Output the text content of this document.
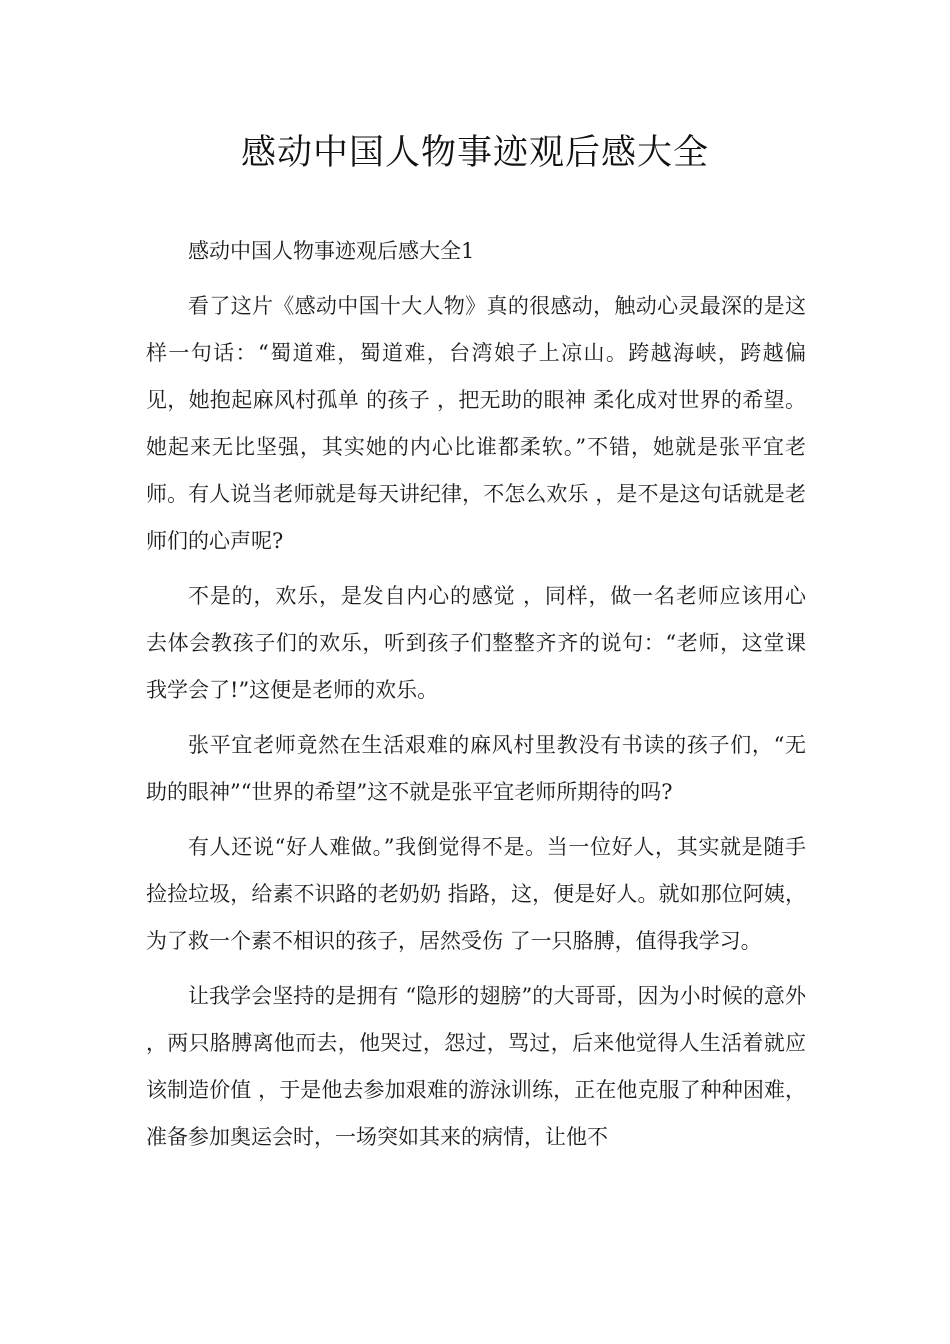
感动中国人物事迹观后感大全

感动中国人物事迹观后感大全1

看了这片《感动中国十大人物》真的很感动，触动心灵最深的是这样一句话：“蜀道难，蜀道难，台湾娘子上凉山。跨越海峡，跨越偏见，她抱起麻风村孤单 的孩子 ，把无助的眼神 柔化成对世界的希望。她起来无比坚强，其实她的内心比谁都柔软。”不错，她就是张平宜老师。有人说当老师就是每天讲纪律，不怎么欢乐 ，是不是这句话就是老师们的心声呢?

不是的，欢乐，是发自内心的感觉 ，同样，做一名老师应该用心 去体会教孩子们的欢乐，听到孩子们整整齐齐的说句：“老师，这堂课我学会了!”这便是老师的欢乐。

张平宜老师竟然在生活艰难的麻风村里教没有书读的孩子们，“无助的眼神”“世界的希望”这不就是张平宜老师所期待的吗?

有人还说“好人难做。”我倒觉得不是。当一位好人，其实就是随手捡捡垃圾，给素不识路的老奶奶 指路，这，便是好人。就如那位阿姨，为了救一个素不相识的孩子，居然受伤 了一只胳膊，值得我学习。

让我学会坚持的是拥有 “隐形的翅膀”的大哥哥，因为小时候的意外 ，两只胳膊离他而去，他哭过，怨过，骂过，后来他觉得人生活着就应该制造价值 ，于是他去参加艰难的游泳训练，正在他克服了种种困难，准备参加奥运会时，一场突如其来的病情，让他不
